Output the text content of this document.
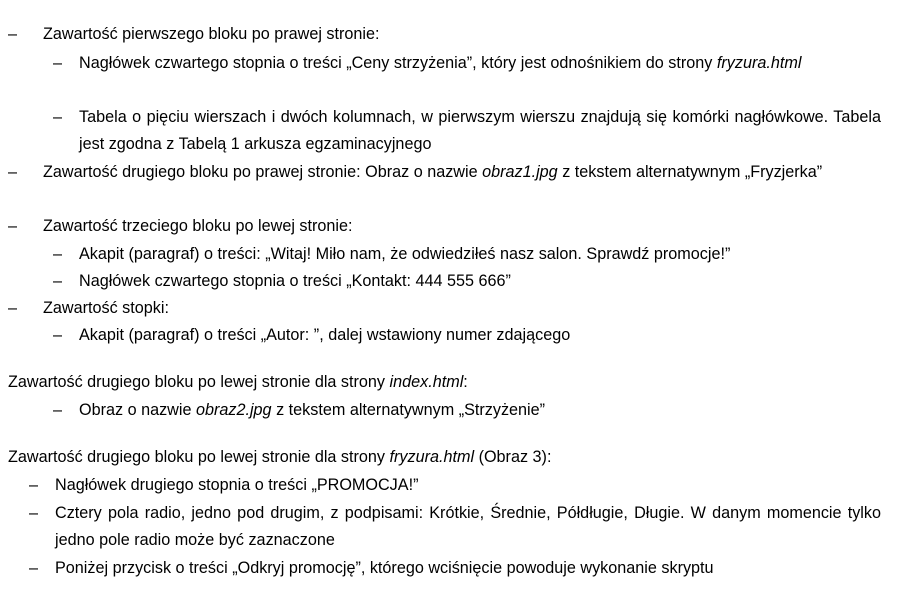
– Zawartość pierwszego bloku po prawej stronie:
– Nagłówek czwartego stopnia o treści „Ceny strzyżenia”, który jest odnośnikiem do strony fryzura.html
– Tabela o pięciu wierszach i dwóch kolumnach, w pierwszym wierszu znajdują się komórki nagłówkowe. Tabela jest zgodna z Tabelą 1 arkusza egzaminacyjnego
– Zawartość drugiego bloku po prawej stronie: Obraz o nazwie obraz1.jpg z tekstem alternatywnym „Fryzjerka”
– Zawartość trzeciego bloku po lewej stronie:
– Akapit (paragraf) o treści: „Witaj! Miło nam, że odwiedziłeś nasz salon. Sprawdź promocje!”
– Nagłówek czwartego stopnia o treści „Kontakt: 444 555 666”
– Zawartość stopki:
– Akapit (paragraf) o treści „Autor: ”, dalej wstawiony numer zdającego
Zawartość drugiego bloku po lewej stronie dla strony index.html:
– Obraz o nazwie obraz2.jpg z tekstem alternatywnym „Strzyżenie”
Zawartość drugiego bloku po lewej stronie dla strony fryzura.html (Obraz 3):
– Nagłówek drugiego stopnia o treści „PROMOCJA!”
– Cztery pola radio, jedno pod drugim, z podpisami: Krótkie, Średnie, Półdługie, Długie. W danym momencie tylko jedno pole radio może być zaznaczone
– Poniżej przycisk o treści „Odkryj promocję”, którego wciśnięcie powoduje wykonanie skryptu
